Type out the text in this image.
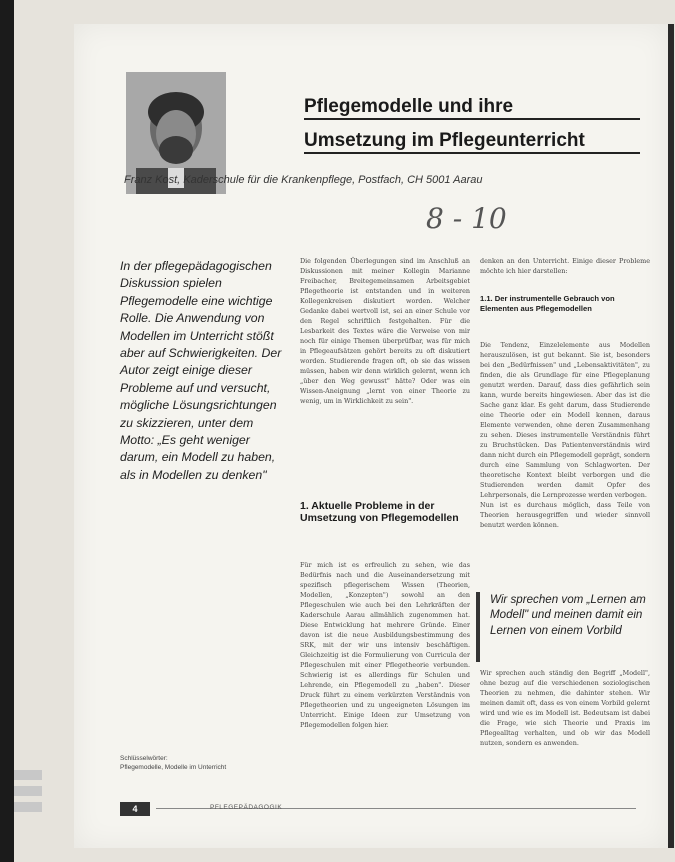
Pflegemodelle und ihre
Umsetzung im Pflegeunterricht
Franz Kost, Kaderschule für die Krankenpflege, Postfach, CH 5001 Aarau
8 - 10
In der pflegepädagogischen Diskussion spielen Pflegemodelle eine wichtige Rolle. Die Anwendung von Modellen im Unterricht stößt aber auf Schwierigkeiten. Der Autor zeigt einige dieser Probleme auf und versucht, mögliche Lösungsrichtungen zu skizzieren, unter dem Motto: „Es geht weniger darum, ein Modell zu haben, als in Modellen zu denken"
Die folgenden Überlegungen sind im Anschluß an Diskussionen mit meiner Kollegin Marianne Freibacher, Breitegemeinsamen Arbeitsgebiet Pflegetheorie ist entstanden und in weiteren Kollegenkreisen diskutiert worden. Welcher Gedanke dabei wertvoll ist, sei an einer Schule vor den Regel schriftlich festgehalten. Für die Lesbarkeit des Textes wäre die Verweise von mir noch für einige Themen überprüfbar, was für mich in Pflegeaufsätzen gehört bereits zu oft diskutiert worden. Studierende fragen oft, ob sie das wissen müssen, haben wir denn wirklich gelernt, wenn ich „über den Weg gewusst" hätte? Oder was ein Wissen-Aneignung „lernt von einer Theorie zu wenig, um in Wirklichkeit zu sein".
denken an den Unterricht. Einige dieser Probleme möchte ich hier darstellen:
1.1. Der instrumentelle Gebrauch von Elementen aus Pflegemodellen
Die Tendenz, Einzelelemente aus Modellen herauszulösen, ist gut bekannt. Sie ist, besonders bei den „Bedürfnissen" und „Lebensaktivitäten", zu finden, die als Grundlage für eine Pflegeplanung genutzt werden. Darauf, dass dies gefährlich sein kann, wurde bereits hingewiesen. Aber das ist die Sache ganz klar. Es geht darum, dass Studierende eine Theorie oder ein Modell kennen, daraus Elemente verwenden, ohne deren Zusammenhang zu sehen. Dieses instrumentelle Verständnis führt zu Bruchstücken. Das Patientenverständnis wird dann nicht durch ein Pflegemodell geprägt, sondern durch eine Sammlung von Schlagworten. Der theoretische Kontext bleibt verborgen und die Studierenden werden damit Opfer des Lehrpersonals, die Lernprozesse werden verbogen.
Nun ist es durchaus möglich, dass Teile von Theorien herausgegriffen und wieder sinnvoll benutzt werden können.
1. Aktuelle Probleme in der Umsetzung von Pflegemodellen
Für mich ist es erfreulich zu sehen, wie das Bedürfnis nach und die Auseinandersetzung mit spezifisch pflegerischem Wissen (Theorien, Modellen, „Konzepten") sowohl an den Pflegeschulen wie auch bei den Lehrkräften der Kaderschule Aarau allmählich zugenommen hat. Diese Entwicklung hat mehrere Gründe. Einer davon ist die neue Ausbildungsbestimmung des SRK, mit der wir uns intensiv beschäftigen. Gleichzeitig ist die Formulierung von Curricula der Pflegeschulen mit einer Pflegetheorie verbunden. Schwierig ist es allerdings für Schulen und Lehrende, ein Pflegemodell zu „haben". Dieser Druck führt zu einem verkürzten Verständnis von Pflegetheorien und zu ungeeigneten Lösungen im Unterricht. Einige Ideen zur Umsetzung von Pflegemodellen folgen hier.
Wir sprechen vom „Lernen am Modell" und meinen damit ein Lernen von einem Vorbild
Wir sprechen auch ständig den Begriff „Modell", ohne bezug auf die verschiedenen soziologischen Theorien zu nehmen, die dahinter stehen. Wir meinen damit oft, dass es von einem Vorbild gelernt wird und wie es im Modell ist. Bedeutsam ist dabei die Frage, wie sich Theorie und Praxis im Pflegealltag verhalten, und ob wir das Modell nutzen, sondern es anwenden.
Schlüsselwörter:
Pflegemodelle, Modelle im Unterricht
4	PFLEGEPÄDAGOGIK
